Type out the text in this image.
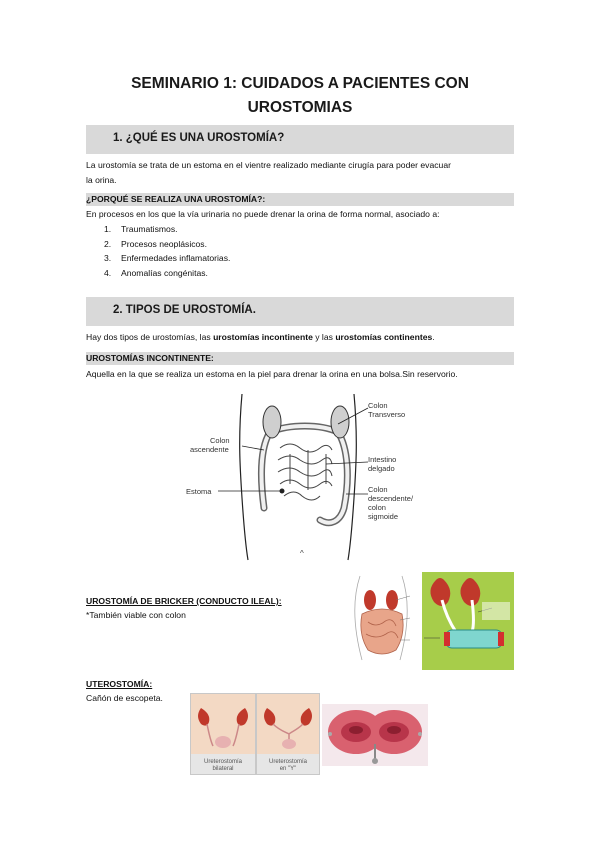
SEMINARIO 1: CUIDADOS A PACIENTES CON
UROSTOMIAS
1. ¿QUÉ ES UNA UROSTOMÍA?
La urostomía se trata de un estoma en el vientre realizado mediante cirugía para poder evacuar
la orina.
¿PORQUÉ SE REALIZA UNA UROSTOMÍA?:
En procesos en los que la vía urinaria no puede drenar la orina de forma normal, asociado a:
1. Traumatismos.
2. Procesos neoplásicos.
3. Enfermedades inflamatorias.
4. Anomalías congénitas.
2. TIPOS DE UROSTOMÍA.
Hay dos tipos de urostomías, las urostomías incontinente y las urostomías continentes.
UROSTOMÍAS INCONTINENTE:
Aquella en la que se realiza un estoma en la piel para drenar la orina en una bolsa.Sin reservorio.
^
Colon
Transverso
Colon
ascendente
Intestino
delgado
Estoma	Colon
descendente/
colon
sigmoide
UROSTOMÍA DE BRICKER (CONDUCTO ILEAL):
*También viable con colon
UTEROSTOMÍA:
Cañón de escopeta.
Ureterostomía
bilateral
Ureterostomía
en "Y"
